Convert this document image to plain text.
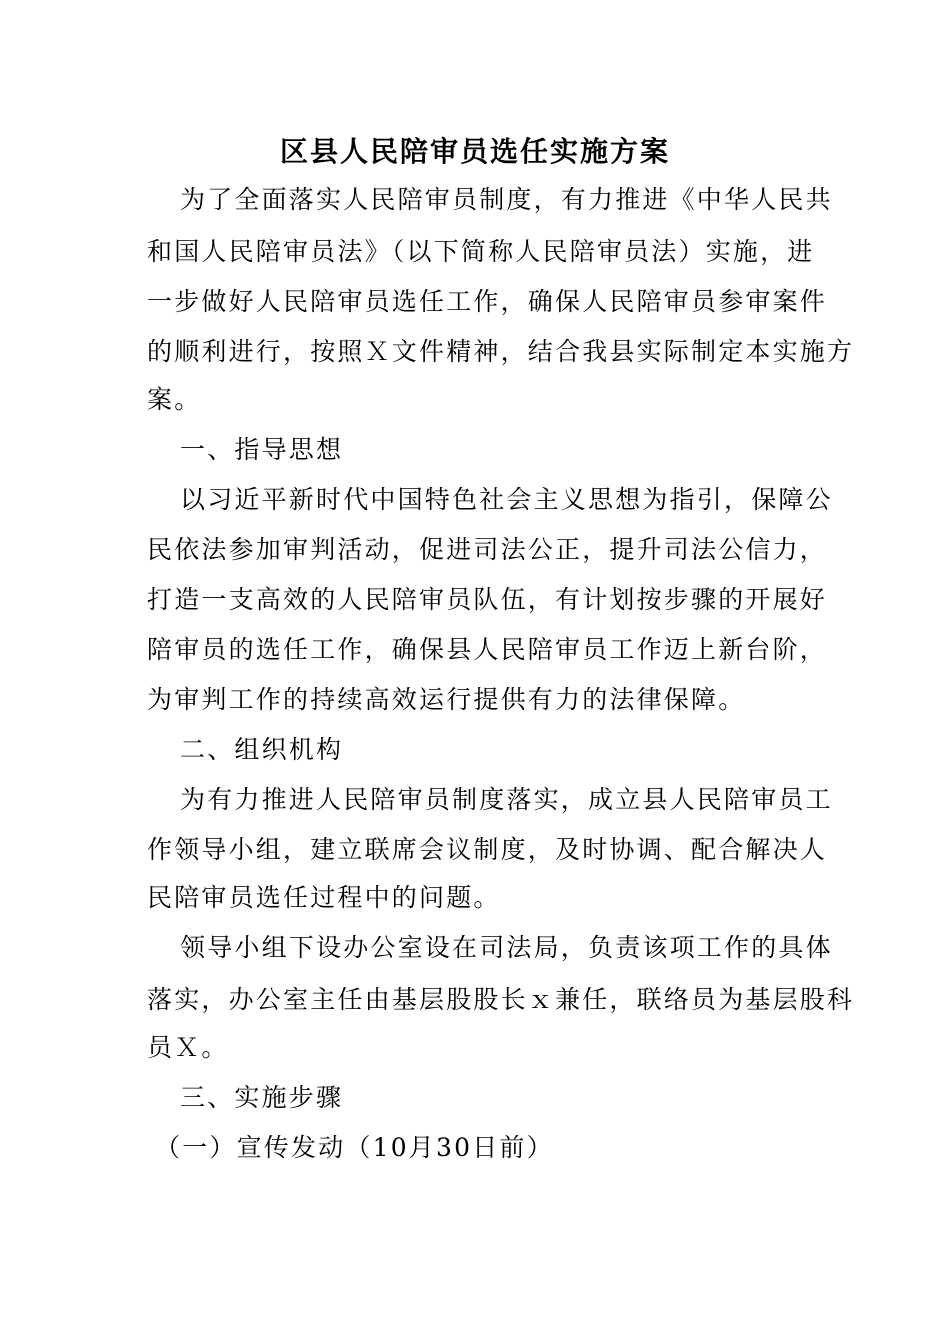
区县人民陪审员选任实施方案
为了全面落实人民陪审员制度，有力推进《中华人民共
和国人民陪审员法》（以下简称人民陪审员法）实施，进
一步做好人民陪审员选任工作，确保人民陪审员参审案件
的顺利进行，按照Ｘ文件精神，结合我县实际制定本实施方
案。
一、指导思想
以习近平新时代中国特色社会主义思想为指引，保障公
民依法参加审判活动，促进司法公正，提升司法公信力，
打造一支高效的人民陪审员队伍，有计划按步骤的开展好
陪审员的选任工作，确保县人民陪审员工作迈上新台阶，
为审判工作的持续高效运行提供有力的法律保障。
二、组织机构
为有力推进人民陪审员制度落实，成立县人民陪审员工
作领导小组，建立联席会议制度，及时协调、配合解决人
民陪审员选任过程中的问题。
领导小组下设办公室设在司法局，负责该项工作的具体
落实，办公室主任由基层股股长ｘ兼任，联络员为基层股科
员Ｘ。
三、实施步骤
（一）宣传发动（10月30日前）
